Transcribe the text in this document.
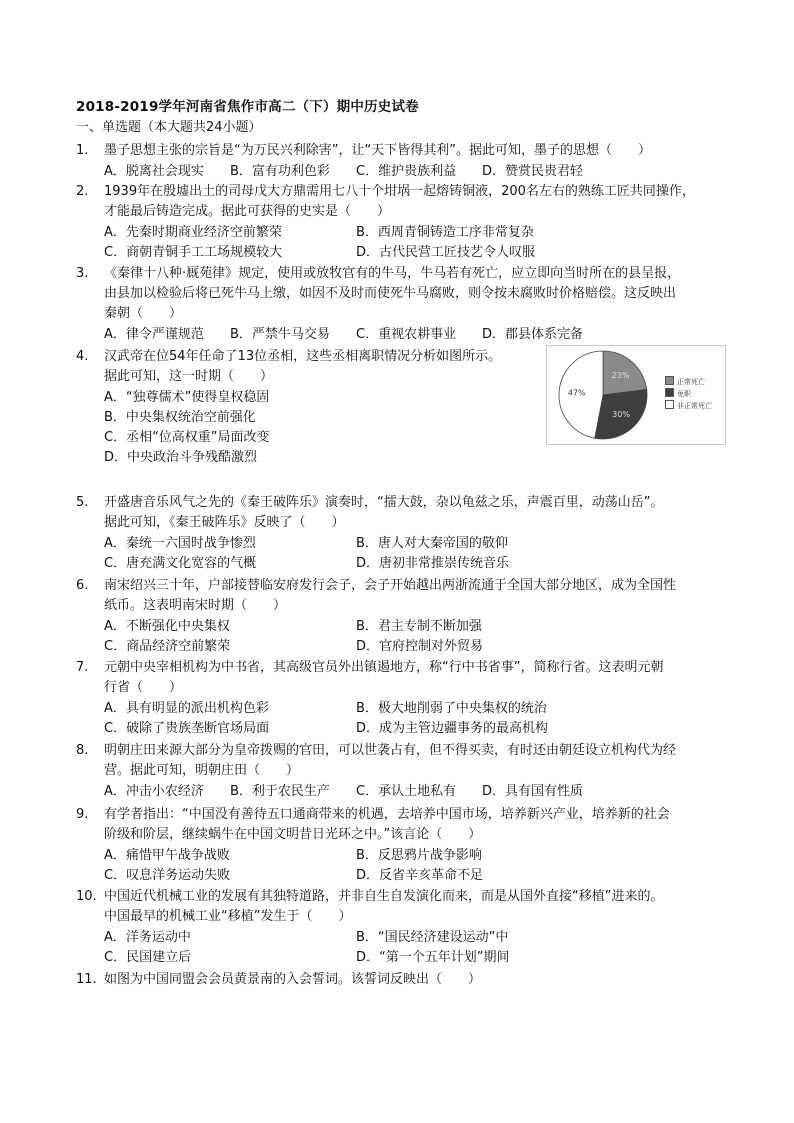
2018-2019学年河南省焦作市高二（下）期中历史试卷
一、单选题（本大题共24小题）
1.	墨子思想主张的宗旨是“为万民兴利除害”，让“天下皆得其利”。据此可知，墨子的思想（　　）
A．脱离社会现实 B．富有功利色彩 C．维护贵族利益 D．赞赏民贵君轻
2.	1939年在殷墟出土的司母戊大方鼎需用七八十个坩埚一起熔铸铜液，200名左右的熟练工匠共同操作，
才能最后铸造完成。据此可获得的史实是（　　）
A．先秦时期商业经济空前繁荣	B．西周青铜铸造工序非常复杂
C．商朝青铜手工工场规模较大	D．古代民营工匠技艺令人叹服
3.	《秦律十八种·厩苑律》规定，使用或放牧官有的牛马，牛马若有死亡，应立即向当时所在的县呈报，
由县加以检验后将已死牛马上缴，如因不及时而使死牛马腐败，则令按未腐败时价格赔偿。这反映出
秦朝（　　）
A．律令严谨规范 B．严禁牛马交易 C．重视农耕事业 D．郡县体系完备
4.	汉武帝在位54年任命了13位丞相，这些丞相离职情况分析如图所示。
据此可知，这一时期（　　）
A．“独尊儒术”使得皇权稳固
B．中央集权统治空前强化
C．丞相“位高权重”局面改变
D．中央政治斗争残酷激烈
5.	开盛唐音乐风气之先的《秦王破阵乐》演奏时，“擂大鼓，杂以龟兹之乐，声震百里，动荡山岳”。
据此可知，《秦王破阵乐》反映了（　　）
A．秦统一六国时战争惨烈	B．唐人对大秦帝国的敬仰
C．唐充满文化宽容的气概	D．唐初非常推崇传统音乐
6.	南宋绍兴三十年，户部接替临安府发行会子，会子开始越出两浙流通于全国大部分地区，成为全国性
纸币。这表明南宋时期（　　）
A．不断强化中央集权	B．君主专制不断加强
C．商品经济空前繁荣	D．官府控制对外贸易
7.	元朝中央宰相机构为中书省，其高级官员外出镇遏地方，称“行中书省事”，简称行省。这表明元朝
行省（　　）
A．具有明显的派出机构色彩	B．极大地削弱了中央集权的统治
C．破除了贵族垄断官场局面	D．成为主管边疆事务的最高机构
8.	明朝庄田来源大部分为皇帝拨赐的官田，可以世袭占有，但不得买卖，有时还由朝廷设立机构代为经
营。据此可知，明朝庄田（　　）
A．冲击小农经济 B．利于农民生产 C．承认土地私有 D．具有国有性质
9.	有学者指出：“中国没有善待五口通商带来的机遇，去培养中国市场，培养新兴产业，培养新的社会
阶级和阶层，继续蜗牛在中国文明昔日光环之中。”该言论（　　）
A．痛惜甲午战争战败	B．反思鸦片战争影响
C．叹息洋务运动失败	D．反省辛亥革命不足
10. 中国近代机械工业的发展有其独特道路，并非自生自发演化而来，而是从国外直接“移植”进来的。
中国最早的机械工业“移植”发生于（　　）
A．洋务运动中	B．“国民经济建设运动”中
C．民国建立后	D．“第一个五年计划”期间
11. 如图为中国同盟会会员黄景南的入会誓词。该誓词反映出（　　）
23%
30%
47%
正常死亡
免职
非正常死亡
